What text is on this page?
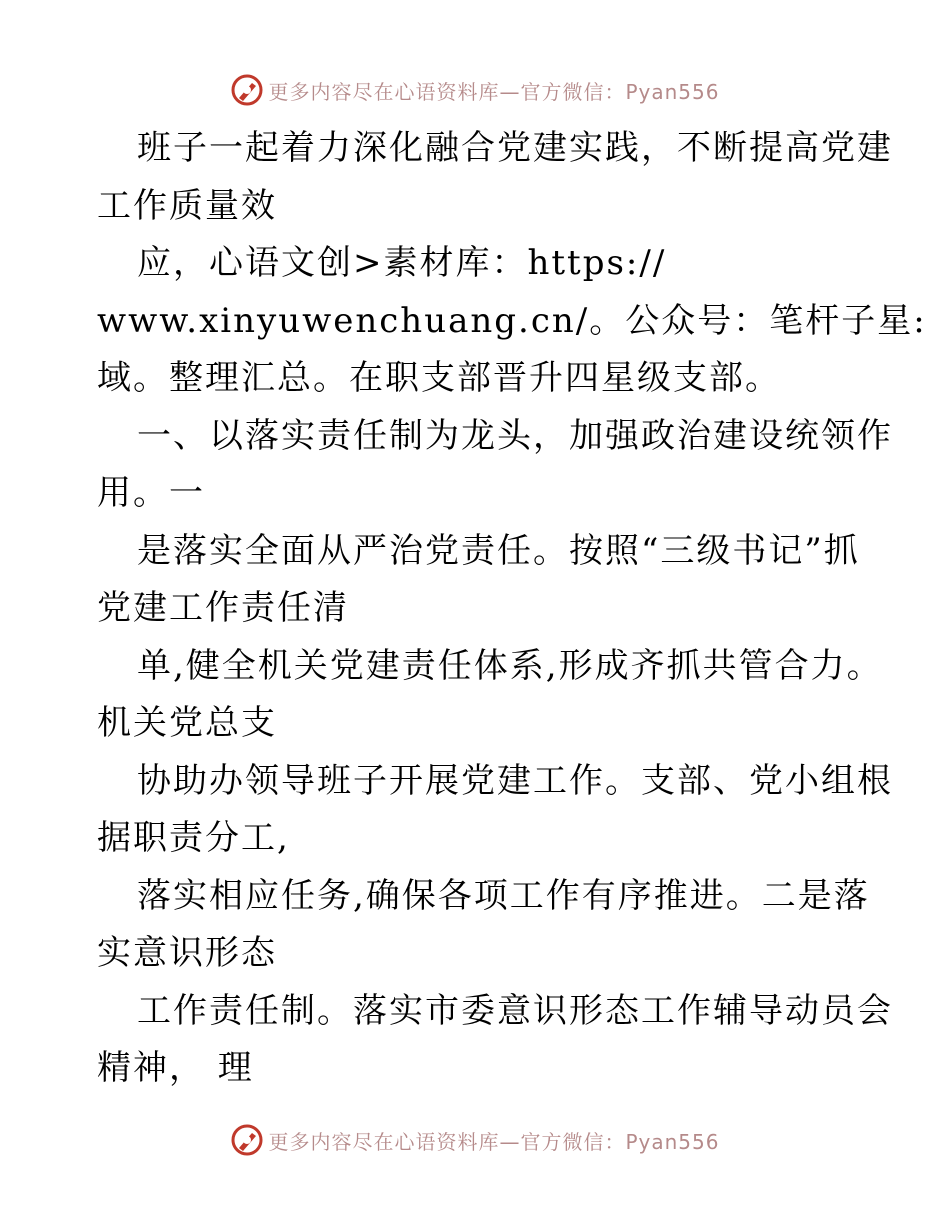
更多内容尽在心语资料库—官方微信：Pyan556
班子一起着力深化融合党建实践，不断提高党建
工作质量效
应，心语文创>素材库：https://
www.xinyuwenchuang.cn/。公众号：笔杆子星:
域。整理汇总。在职支部晋升四星级支部。
一、以落实责任制为龙头，加强政治建设统领作
用。一
是落实全面从严治党责任。按照“三级书记”抓
党建工作责任清
单,健全机关党建责任体系,形成齐抓共管合力。
机关党总支
协助办领导班子开展党建工作。支部、党小组根
据职责分工,
落实相应任务,确保各项工作有序推进。二是落
实意识形态
工作责任制。落实市委意识形态工作辅导动员会
精神， 理
更多内容尽在心语资料库—官方微信：Pyan556
